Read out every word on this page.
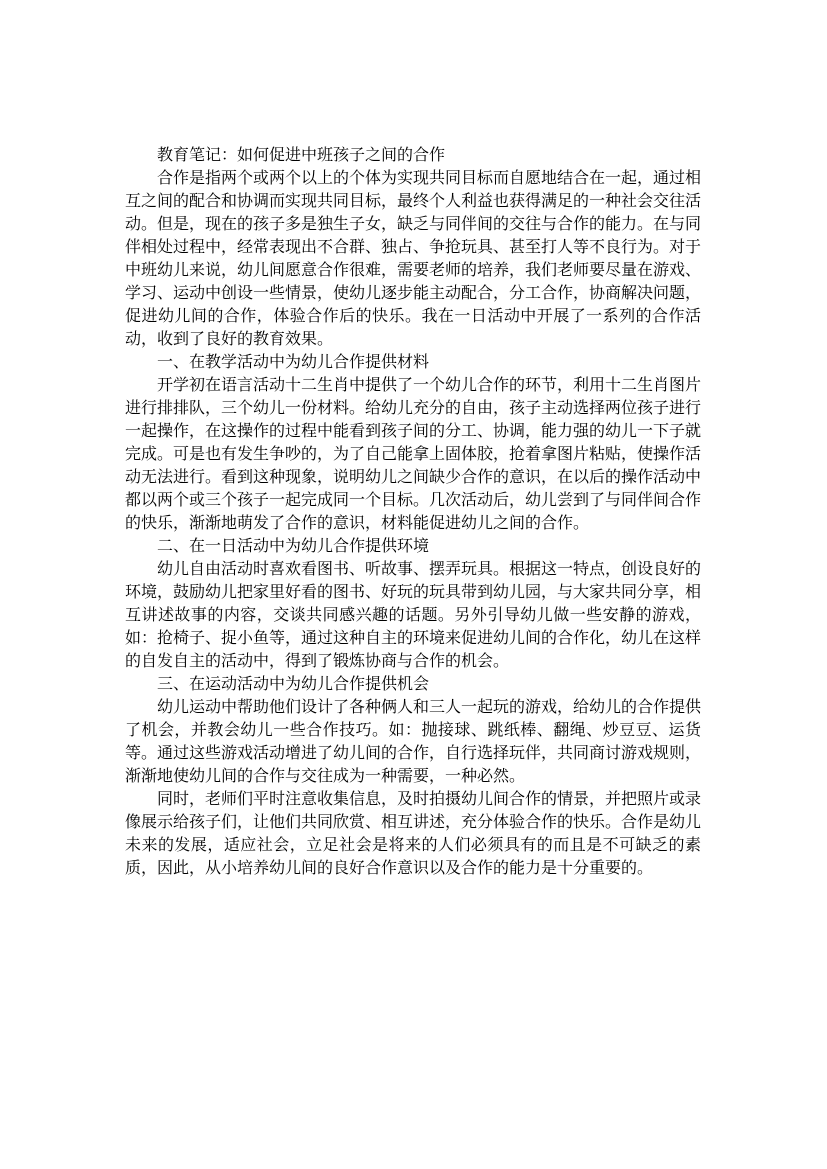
教育笔记：如何促进中班孩子之间的合作

合作是指两个或两个以上的个体为实现共同目标而自愿地结合在一起，通过相互之间的配合和协调而实现共同目标，最终个人利益也获得满足的一种社会交往活动。但是，现在的孩子多是独生子女，缺乏与同伴间的交往与合作的能力。在与同伴相处过程中，经常表现出不合群、独占、争抢玩具、甚至打人等不良行为。对于中班幼儿来说，幼儿间愿意合作很难，需要老师的培养，我们老师要尽量在游戏、学习、运动中创设一些情景，使幼儿逐步能主动配合，分工合作，协商解决问题，促进幼儿间的合作，体验合作后的快乐。我在一日活动中开展了一系列的合作活动，收到了良好的教育效果。

一、在教学活动中为幼儿合作提供材料

开学初在语言活动十二生肖中提供了一个幼儿合作的环节，利用十二生肖图片进行排排队，三个幼儿一份材料。给幼儿充分的自由，孩子主动选择两位孩子进行一起操作，在这操作的过程中能看到孩子间的分工、协调，能力强的幼儿一下子就完成。可是也有发生争吵的，为了自己能拿上固体胶，抢着拿图片粘贴，使操作活动无法进行。看到这种现象，说明幼儿之间缺少合作的意识，在以后的操作活动中都以两个或三个孩子一起完成同一个目标。几次活动后，幼儿尝到了与同伴间合作的快乐，渐渐地萌发了合作的意识，材料能促进幼儿之间的合作。

二、在一日活动中为幼儿合作提供环境

幼儿自由活动时喜欢看图书、听故事、摆弄玩具。根据这一特点，创设良好的环境，鼓励幼儿把家里好看的图书、好玩的玩具带到幼儿园，与大家共同分享，相互讲述故事的内容，交谈共同感兴趣的话题。另外引导幼儿做一些安静的游戏，如：抢椅子、捉小鱼等，通过这种自主的环境来促进幼儿间的合作化，幼儿在这样的自发自主的活动中，得到了锻炼协商与合作的机会。

三、在运动活动中为幼儿合作提供机会

幼儿运动中帮助他们设计了各种俩人和三人一起玩的游戏，给幼儿的合作提供了机会，并教会幼儿一些合作技巧。如：抛接球、跳纸棒、翻绳、炒豆豆、运货等。通过这些游戏活动增进了幼儿间的合作，自行选择玩伴，共同商讨游戏规则，渐渐地使幼儿间的合作与交往成为一种需要，一种必然。

同时，老师们平时注意收集信息，及时拍摄幼儿间合作的情景，并把照片或录像展示给孩子们，让他们共同欣赏、相互讲述，充分体验合作的快乐。合作是幼儿未来的发展，适应社会，立足社会是将来的人们必须具有的而且是不可缺乏的素质，因此，从小培养幼儿间的良好合作意识以及合作的能力是十分重要的。
